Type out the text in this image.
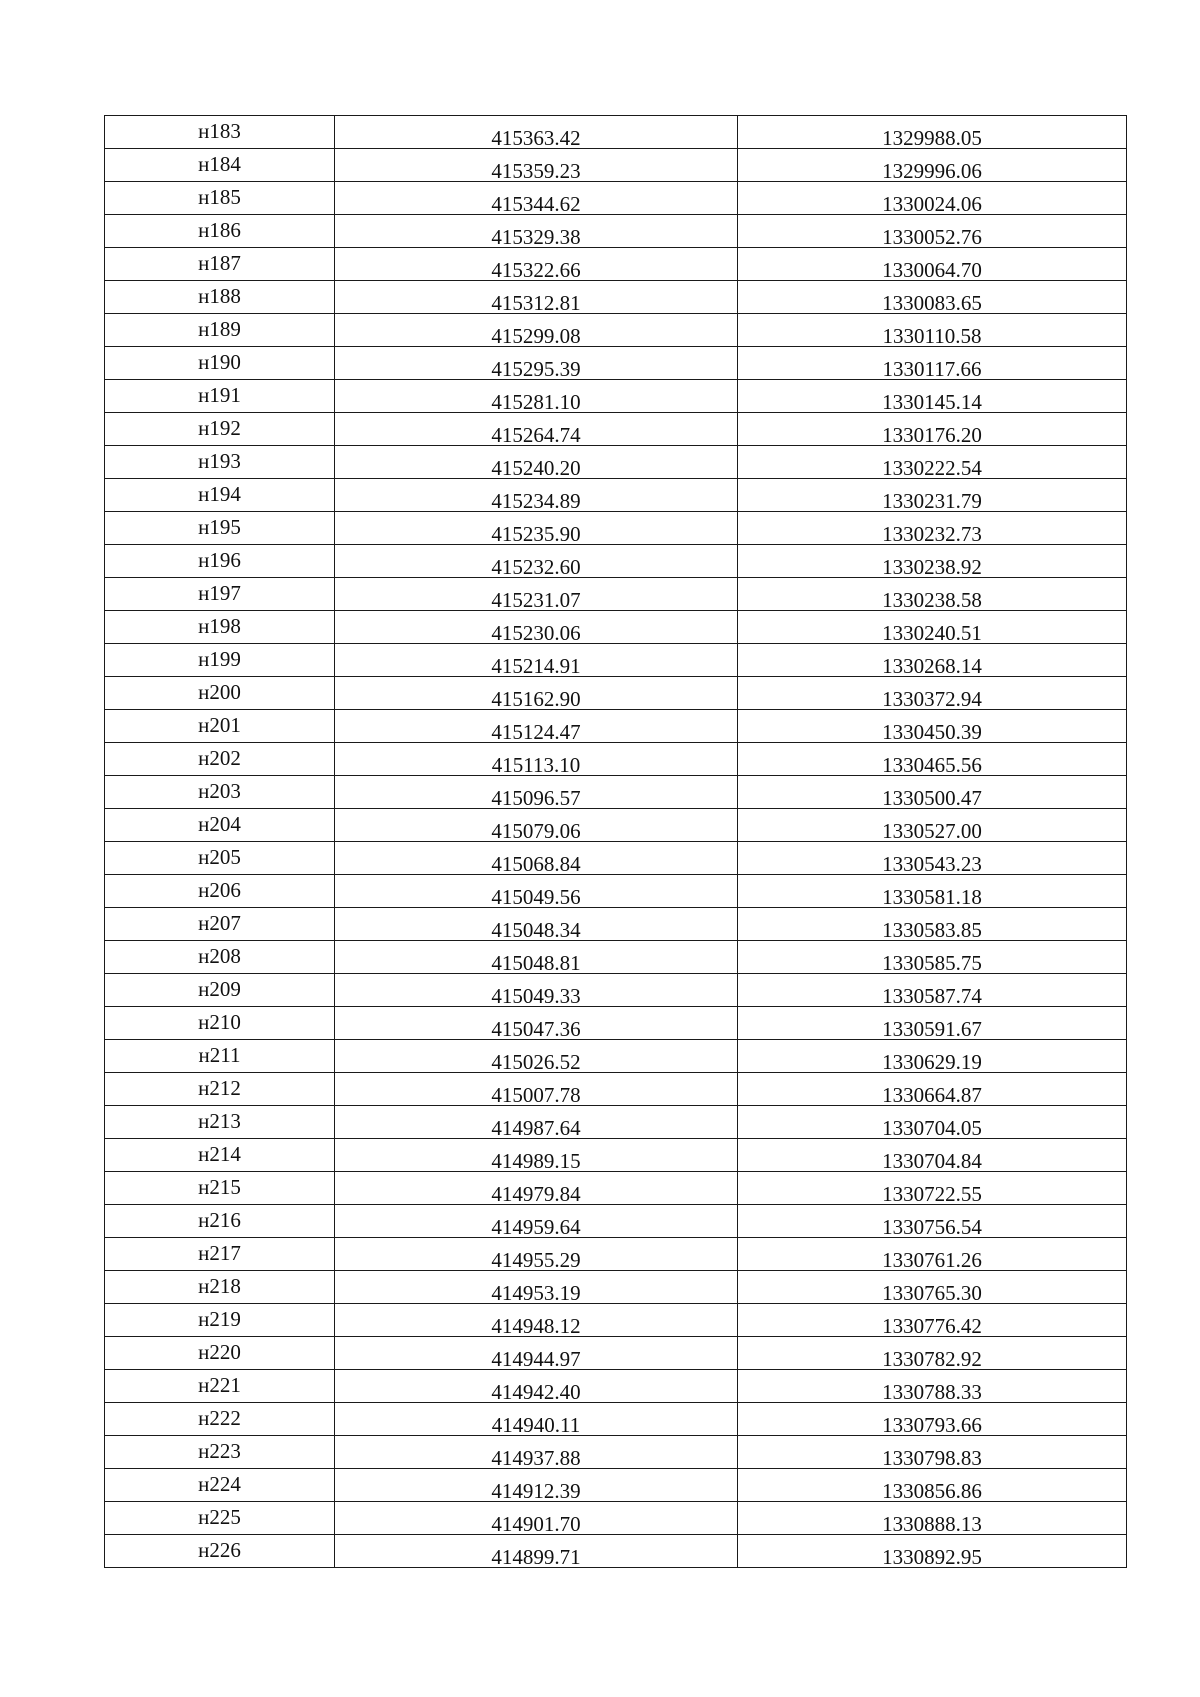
н183	415363.42	1329988.05
н184	415359.23	1329996.06
н185	415344.62	1330024.06
н186	415329.38	1330052.76
н187	415322.66	1330064.70
н188	415312.81	1330083.65
н189	415299.08	1330110.58
н190	415295.39	1330117.66
н191	415281.10	1330145.14
н192	415264.74	1330176.20
н193	415240.20	1330222.54
н194	415234.89	1330231.79
н195	415235.90	1330232.73
н196	415232.60	1330238.92
н197	415231.07	1330238.58
н198	415230.06	1330240.51
н199	415214.91	1330268.14
н200	415162.90	1330372.94
н201	415124.47	1330450.39
н202	415113.10	1330465.56
н203	415096.57	1330500.47
н204	415079.06	1330527.00
н205	415068.84	1330543.23
н206	415049.56	1330581.18
н207	415048.34	1330583.85
н208	415048.81	1330585.75
н209	415049.33	1330587.74
н210	415047.36	1330591.67
н211	415026.52	1330629.19
н212	415007.78	1330664.87
н213	414987.64	1330704.05
н214	414989.15	1330704.84
н215	414979.84	1330722.55
н216	414959.64	1330756.54
н217	414955.29	1330761.26
н218	414953.19	1330765.30
н219	414948.12	1330776.42
н220	414944.97	1330782.92
н221	414942.40	1330788.33
н222	414940.11	1330793.66
н223	414937.88	1330798.83
н224	414912.39	1330856.86
н225	414901.70	1330888.13
н226	414899.71	1330892.95
